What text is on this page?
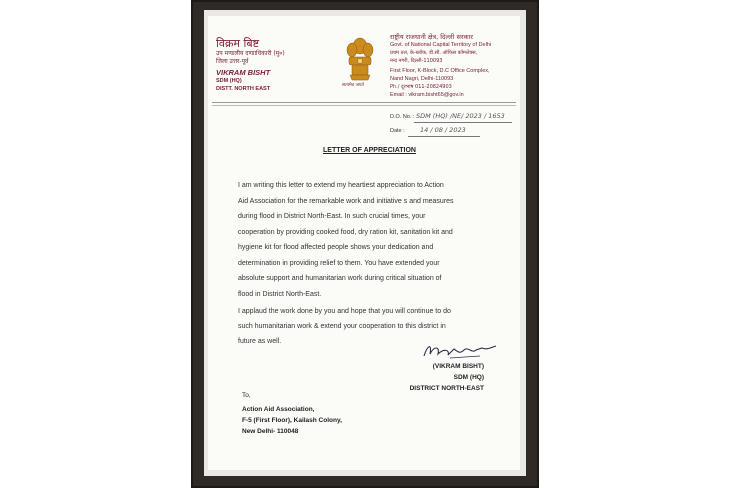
विक्रम बिष्ट
उप मण्डलीय दण्डाधिकारी (मु०)
जिला उत्तर-पूर्व
VIKRAM BISHT
SDM (HQ)
DISTT. NORTH EAST
सत्यमेव जयते
राष्ट्रीय राजधानी क्षेत्र, दिल्ली सरकार
Govt. of National Capital Territory of Delhi
प्रथम तल, के-ब्लॉक, डी.सी. ऑफिस कॉम्प्लेक्स,
नन्द नगरी, दिल्ली-110093
First Floor, K-Block, D.C Office Complex,
Nand Nagri, Delhi-110093
Ph./ दूरभाष 011-20824903
Email : vikram.bisht65@gov.in
D.O. No. : SDM (HQ) /NE/ 2023 / 1653
Date : 14 / 08 / 2023
LETTER OF APPRECIATION
I am writing this letter to extend my heartiest appreciation to Action
Aid Association for the remarkable work and initiative s and measures
during flood in District North-East. In such crucial times, your
cooperation by providing cooked food, dry ration kit, sanitation kit and
hygiene kit for flood affected people shows your dedication and
determination in providing relief to them. You have extended your
absolute support and humanitarian work during critical situation of
flood in District North-East.
I applaud the work done by you and hope that you will continue to do
such humanitarian work & extend your cooperation to this district in
future as well.
(VIKRAM BISHT)
SDM (HQ)
DISTRICT NORTH-EAST
To,
Action Aid Association,
F-5 (First Floor), Kailash Colony,
New Delhi- 110048
